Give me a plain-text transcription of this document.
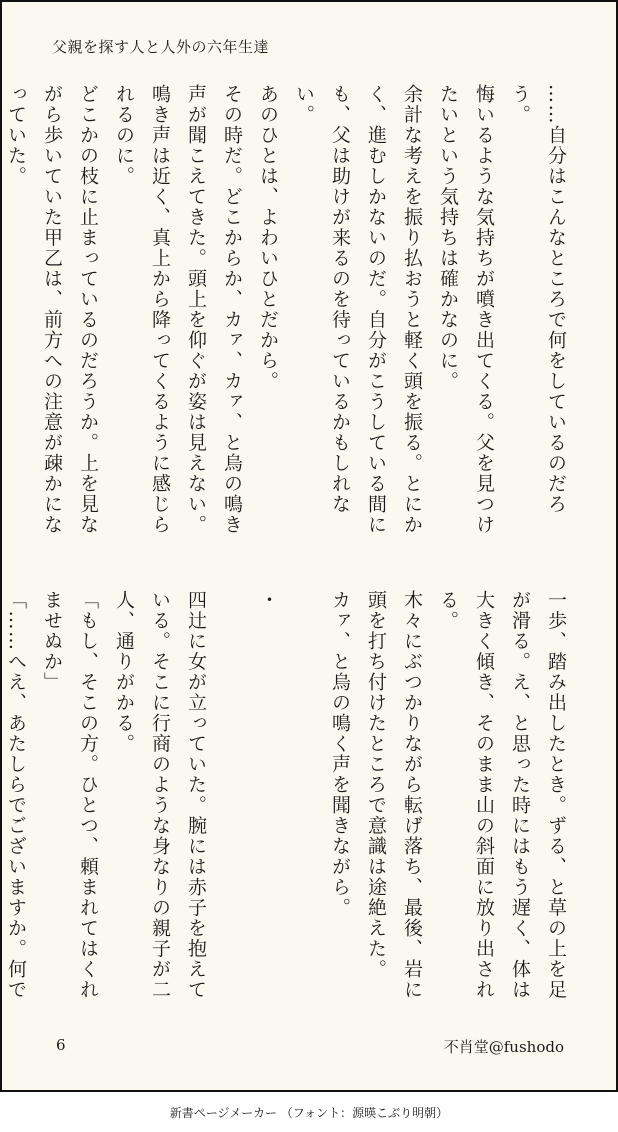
父親を探す人と人外の六年生達

……自分はこんなところで何をしているのだろう。

悔いるような気持ちが噴き出てくる。父を見つけたいという気持ちは確かなのに。

余計な考えを振り払おうと軽く頭を振る。とにかく、進むしかないのだ。自分がこうしている間にも、父は助けが来るのを待っているかもしれない。

あのひとは、よわいひとだから。

その時だ。どこからか、カァ、カァ、と烏の鳴き声が聞こえてきた。頭上を仰ぐが姿は見えない。鳴き声は近く、真上から降ってくるように感じられるのに。

どこかの枝に止まっているのだろうか。上を見ながら歩いていた甲乙は、前方への注意が疎かになっていた。

一歩、踏み出したとき。ずる、と草の上を足が滑る。え、と思った時にはもう遅く、体は大きく傾き、そのまま山の斜面に放り出される。

木々にぶつかりながら転げ落ち、最後、岩に頭を打ち付けたところで意識は途絶えた。

カァ、と烏の鳴く声を聞きながら。

・

四辻に女が立っていた。腕には赤子を抱えている。そこに行商のような身なりの親子が二人、通りがかる。

「もし、そこの方。ひとつ、頼まれてはくれませぬか」

「……へえ、あたしらでございますか。何で

6	不肖堂@fushodo
新書ページメーカー （フォント：源暎こぶり明朝）
